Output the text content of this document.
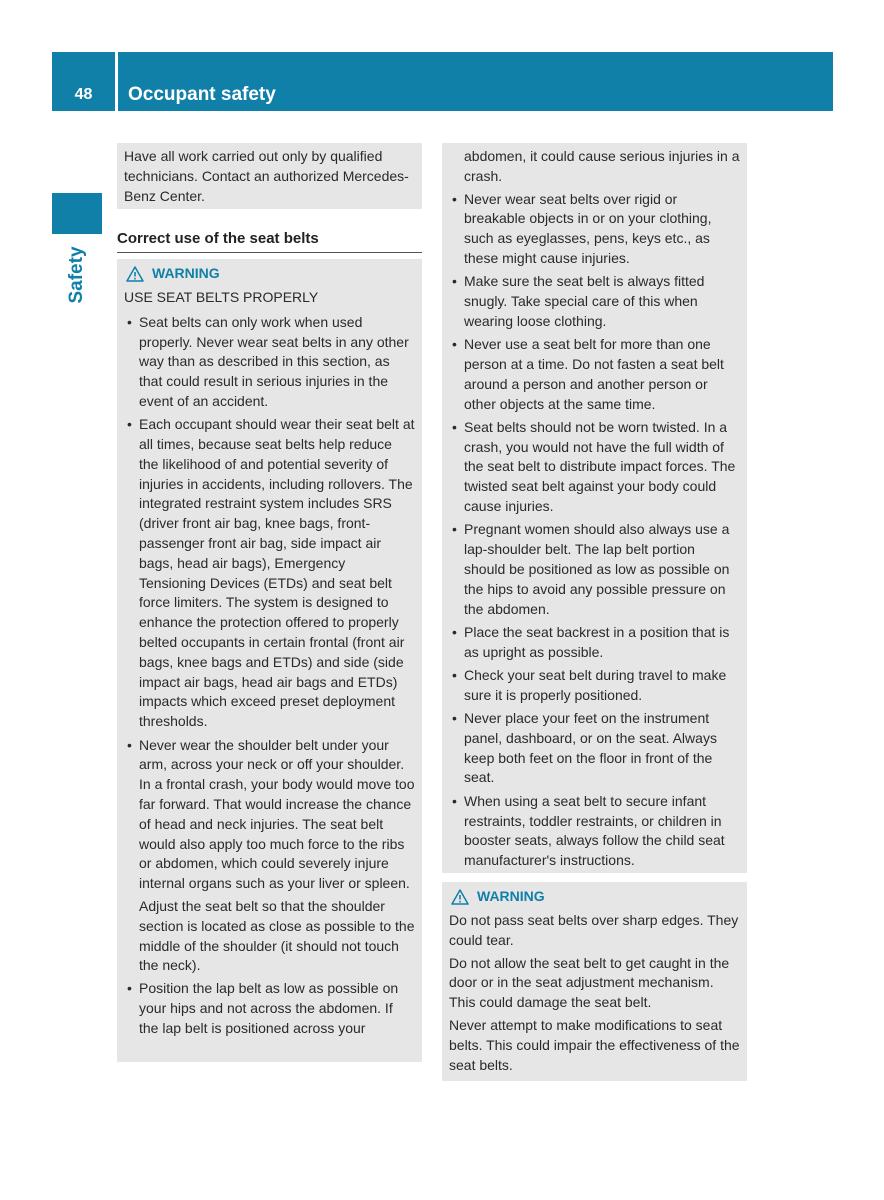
48	Occupant safety
Safety

Have all work carried out only by qualified technicians. Contact an authorized Mercedes-Benz Center.

Correct use of the seat belts
WARNING

USE SEAT BELTS PROPERLY

• Seat belts can only work when used properly. Never wear seat belts in any other way than as described in this section, as that could result in serious injuries in the event of an accident.
• Each occupant should wear their seat belt at all times, because seat belts help reduce the likelihood of and potential severity of injuries in accidents, including rollovers. The integrated restraint system includes SRS (driver front air bag, knee bags, front-passenger front air bag, side impact air bags, head air bags), Emergency Tensioning Devices (ETDs) and seat belt force limiters. The system is designed to enhance the protection offered to properly belted occupants in certain frontal (front air bags, knee bags and ETDs) and side (side impact air bags, head air bags and ETDs) impacts which exceed preset deployment thresholds.
• Never wear the shoulder belt under your arm, across your neck or off your shoulder. In a frontal crash, your body would move too far forward. That would increase the chance of head and neck injuries. The seat belt would also apply too much force to the ribs or abdomen, which could severely injure internal organs such as your liver or spleen.

Adjust the seat belt so that the shoulder section is located as close as possible to the middle of the shoulder (it should not touch the neck).

• Position the lap belt as low as possible on your hips and not across the abdomen. If the lap belt is positioned across your

abdomen, it could cause serious injuries in a crash.

• Never wear seat belts over rigid or breakable objects in or on your clothing, such as eyeglasses, pens, keys etc., as these might cause injuries.
• Make sure the seat belt is always fitted snugly. Take special care of this when wearing loose clothing.
• Never use a seat belt for more than one person at a time. Do not fasten a seat belt around a person and another person or other objects at the same time.
• Seat belts should not be worn twisted. In a crash, you would not have the full width of the seat belt to distribute impact forces. The twisted seat belt against your body could cause injuries.
• Pregnant women should also always use a lap-shoulder belt. The lap belt portion should be positioned as low as possible on the hips to avoid any possible pressure on the abdomen.
• Place the seat backrest in a position that is as upright as possible.
• Check your seat belt during travel to make sure it is properly positioned.
• Never place your feet on the instrument panel, dashboard, or on the seat. Always keep both feet on the floor in front of the seat.
• When using a seat belt to secure infant restraints, toddler restraints, or children in booster seats, always follow the child seat manufacturer's instructions.
WARNING

Do not pass seat belts over sharp edges. They could tear.

Do not allow the seat belt to get caught in the door or in the seat adjustment mechanism. This could damage the seat belt.

Never attempt to make modifications to seat belts. This could impair the effectiveness of the seat belts.
